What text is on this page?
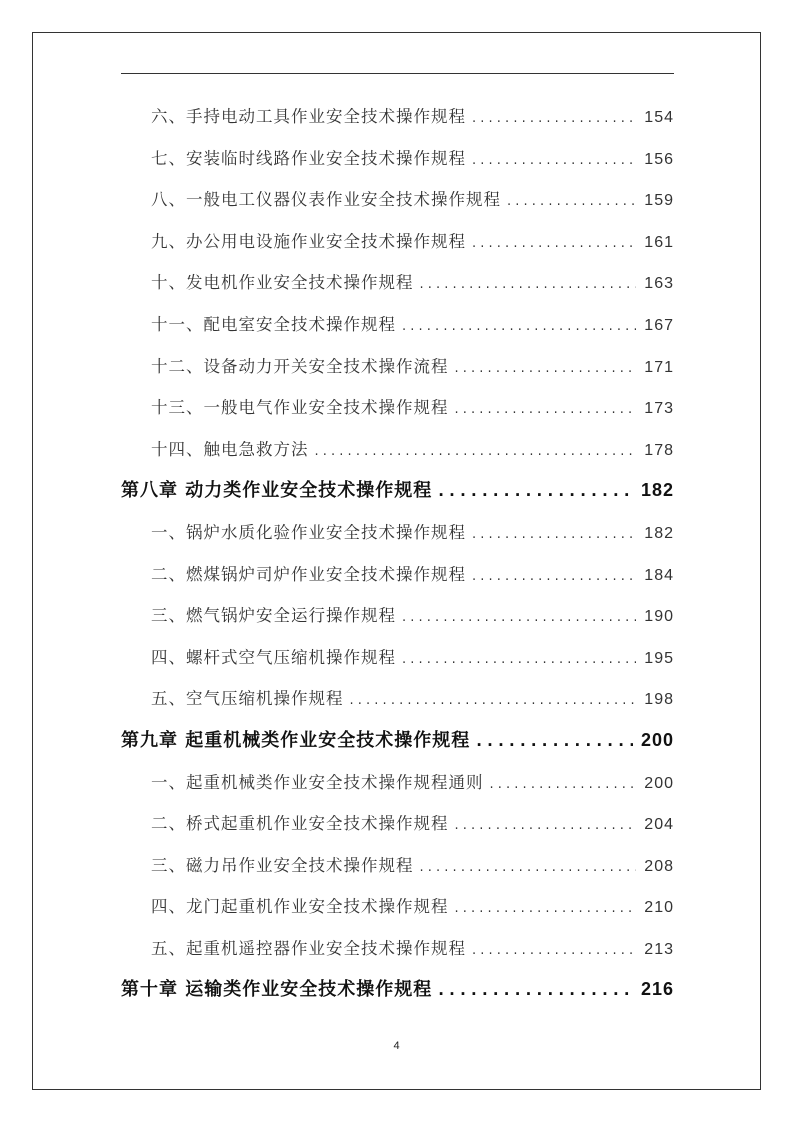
六、手持电动工具作业安全技术操作规程 . . .	154
七、安装临时线路作业安全技术操作规程 . . .	156
八、一般电工仪器仪表作业安全技术操作规程 . . .	159
九、办公用电设施作业安全技术操作规程 . . .	161
十、发电机作业安全技术操作规程 . . .	163
十一、配电室安全技术操作规程 . . .	167
十二、设备动力开关安全技术操作流程 . . .	171
十三、一般电气作业安全技术操作规程 . . .	173
十四、触电急救方法 . . .	178
第八章 动力类作业安全技术操作规程 . . .	182
一、锅炉水质化验作业安全技术操作规程 . . .	182
二、燃煤锅炉司炉作业安全技术操作规程 . . .	184
三、燃气锅炉安全运行操作规程 . . .	190
四、螺杆式空气压缩机操作规程 . . .	195
五、空气压缩机操作规程 . . .	198
第九章 起重机械类作业安全技术操作规程 . . .	200
一、起重机械类作业安全技术操作规程通则 . . .	200
二、桥式起重机作业安全技术操作规程 . . .	204
三、磁力吊作业安全技术操作规程 . . .	208
四、龙门起重机作业安全技术操作规程 . . .	210
五、起重机遥控器作业安全技术操作规程 . . .	213
第十章 运输类作业安全技术操作规程 . . .	216
4
